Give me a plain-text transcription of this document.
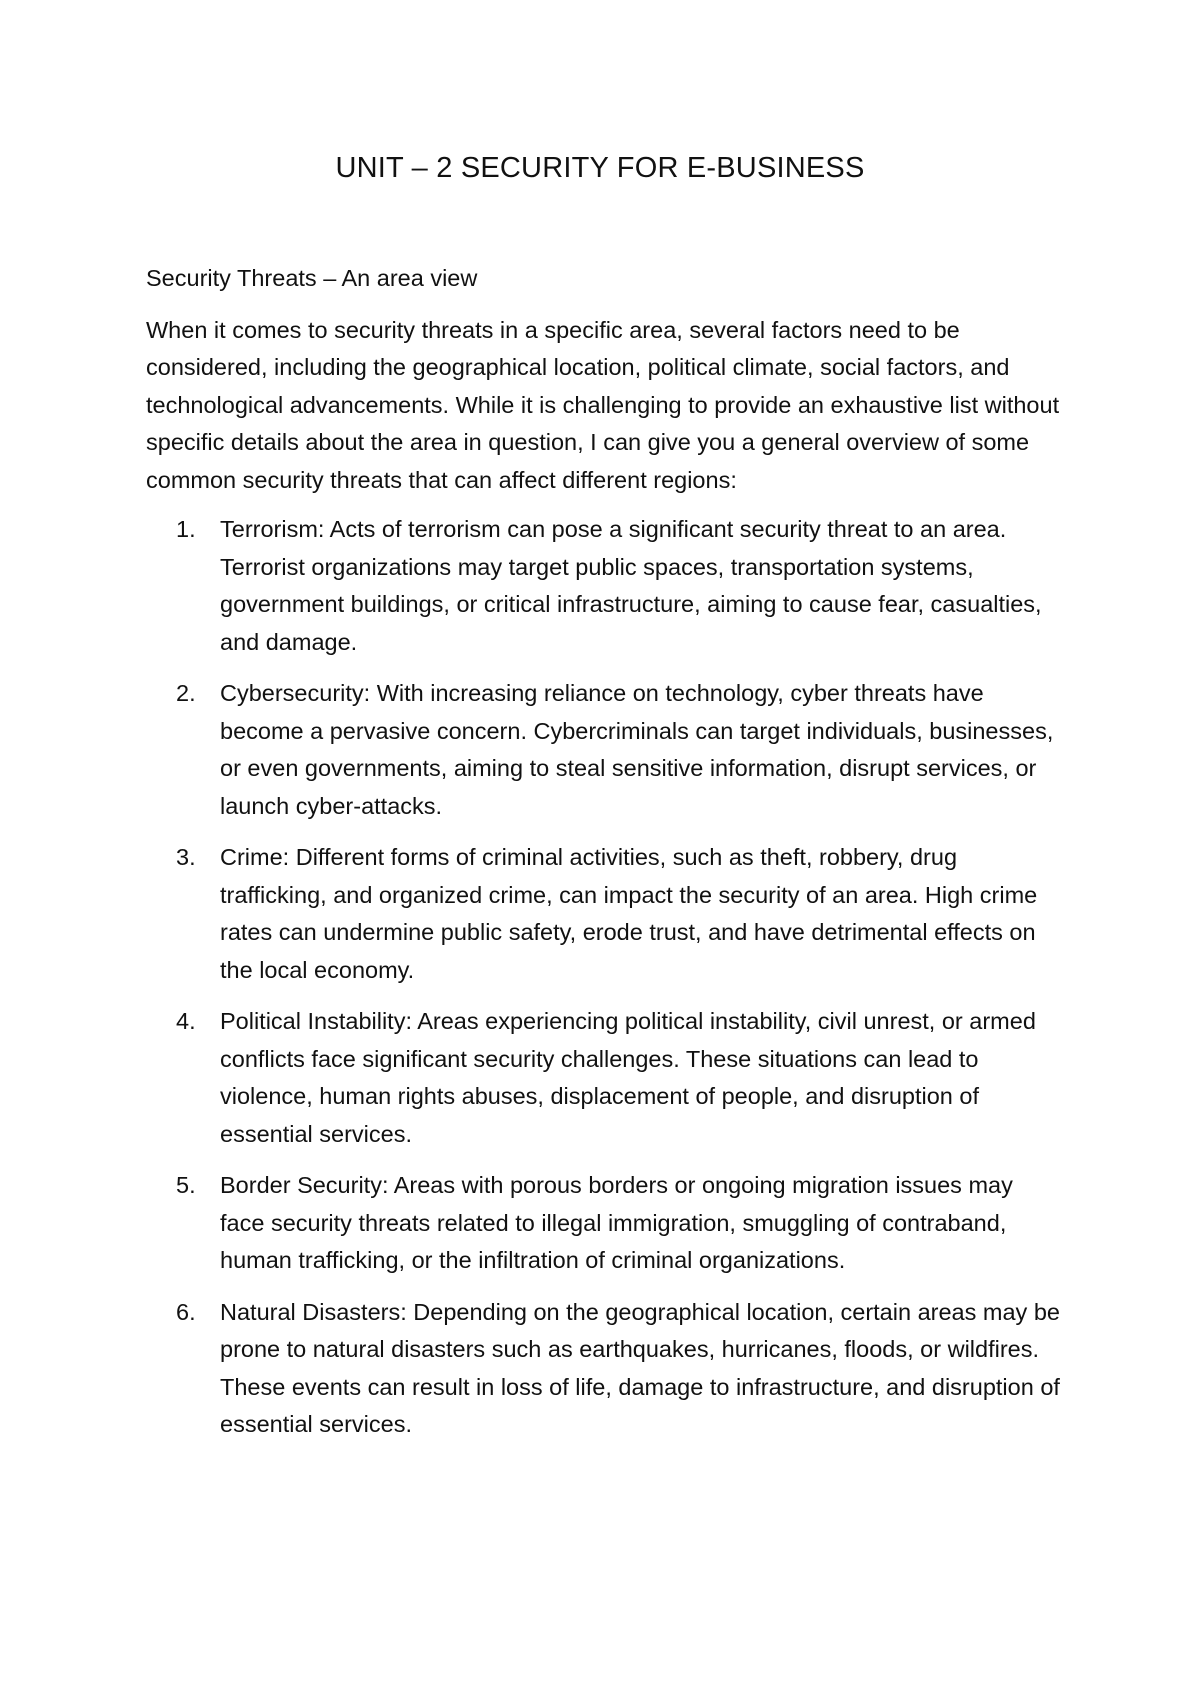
UNIT – 2 SECURITY FOR E-BUSINESS

Security Threats – An area view

When it comes to security threats in a specific area, several factors need to be considered, including the geographical location, political climate, social factors, and technological advancements. While it is challenging to provide an exhaustive list without specific details about the area in question, I can give you a general overview of some common security threats that can affect different regions:

1. Terrorism: Acts of terrorism can pose a significant security threat to an area. Terrorist organizations may target public spaces, transportation systems, government buildings, or critical infrastructure, aiming to cause fear, casualties, and damage.
2. Cybersecurity: With increasing reliance on technology, cyber threats have become a pervasive concern. Cybercriminals can target individuals, businesses, or even governments, aiming to steal sensitive information, disrupt services, or launch cyber-attacks.
3. Crime: Different forms of criminal activities, such as theft, robbery, drug trafficking, and organized crime, can impact the security of an area. High crime rates can undermine public safety, erode trust, and have detrimental effects on the local economy.
4. Political Instability: Areas experiencing political instability, civil unrest, or armed conflicts face significant security challenges. These situations can lead to violence, human rights abuses, displacement of people, and disruption of essential services.
5. Border Security: Areas with porous borders or ongoing migration issues may face security threats related to illegal immigration, smuggling of contraband, human trafficking, or the infiltration of criminal organizations.
6. Natural Disasters: Depending on the geographical location, certain areas may be prone to natural disasters such as earthquakes, hurricanes, floods, or wildfires. These events can result in loss of life, damage to infrastructure, and disruption of essential services.
